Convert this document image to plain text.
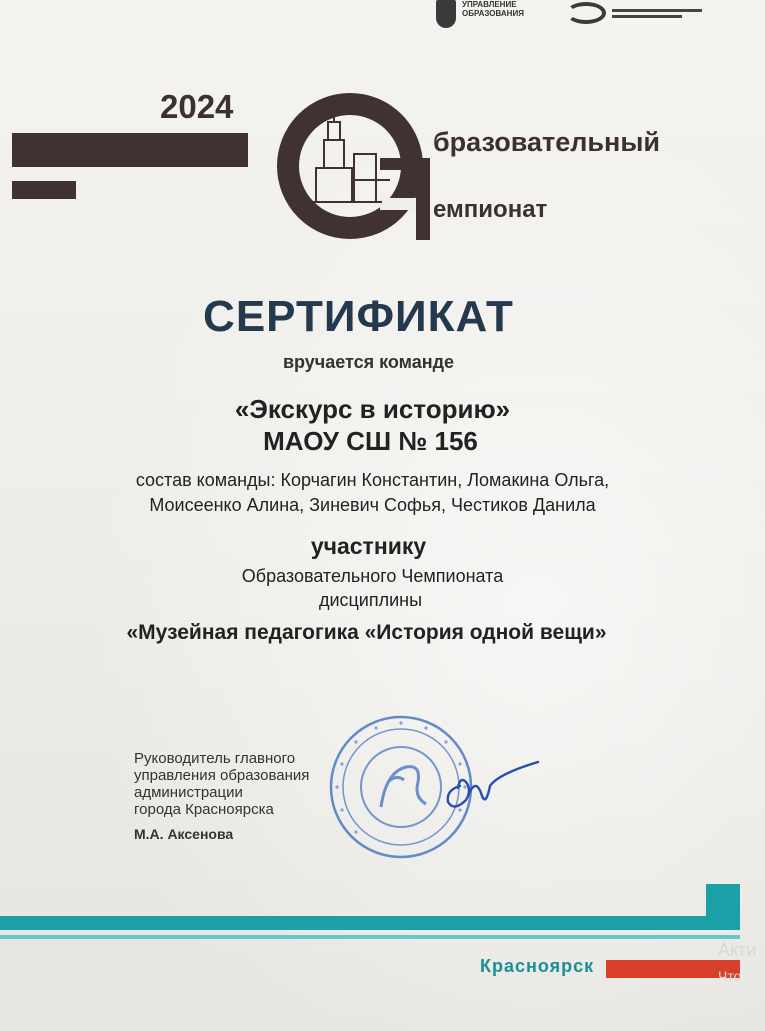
УПРАВЛЕНИЕ
ОБРАЗОВАНИЯ
2024
бразовательный
емпионат
СЕРТИФИКАТ
вручается команде
«Экскурс в историю»
МАОУ СШ № 156
состав команды: Корчагин Константин, Ломакина Ольга,
Моисеенко Алина, Зиневич Софья, Честиков Данила
участнику
Образовательного Чемпионата
дисциплины
«Музейная педагогика «История одной вещи»
Руководитель главного
управления образования
администрации
города Красноярска
М.А. Аксенова
Красноярск
Акти
Что
